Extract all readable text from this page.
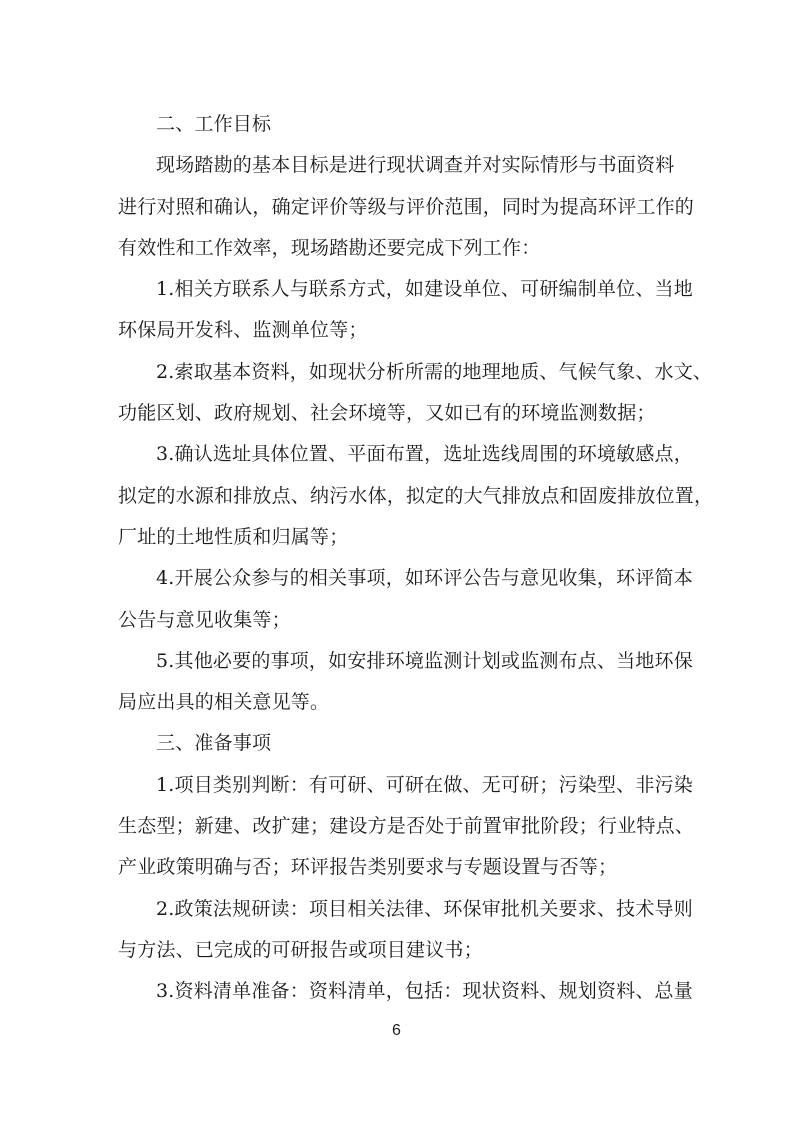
二、工作目标
现场踏勘的基本目标是进行现状调查并对实际情形与书面资料
进行对照和确认，确定评价等级与评价范围，同时为提高环评工作的
有效性和工作效率，现场踏勘还要完成下列工作：
1.相关方联系人与联系方式，如建设单位、可研编制单位、当地
环保局开发科、监测单位等；
2.索取基本资料，如现状分析所需的地理地质、气候气象、水文、
功能区划、政府规划、社会环境等，又如已有的环境监测数据；
3.确认选址具体位置、平面布置，选址选线周围的环境敏感点，
拟定的水源和排放点、纳污水体，拟定的大气排放点和固废排放位置，
厂址的土地性质和归属等；
4.开展公众参与的相关事项，如环评公告与意见收集，环评简本
公告与意见收集等；
5.其他必要的事项，如安排环境监测计划或监测布点、当地环保
局应出具的相关意见等。
三、准备事项
1.项目类别判断：有可研、可研在做、无可研；污染型、非污染
生态型；新建、改扩建；建设方是否处于前置审批阶段；行业特点、
产业政策明确与否；环评报告类别要求与专题设置与否等；
2.政策法规研读：项目相关法律、环保审批机关要求、技术导则
与方法、已完成的可研报告或项目建议书；
3.资料清单准备：资料清单，包括：现状资料、规划资料、总量
6
